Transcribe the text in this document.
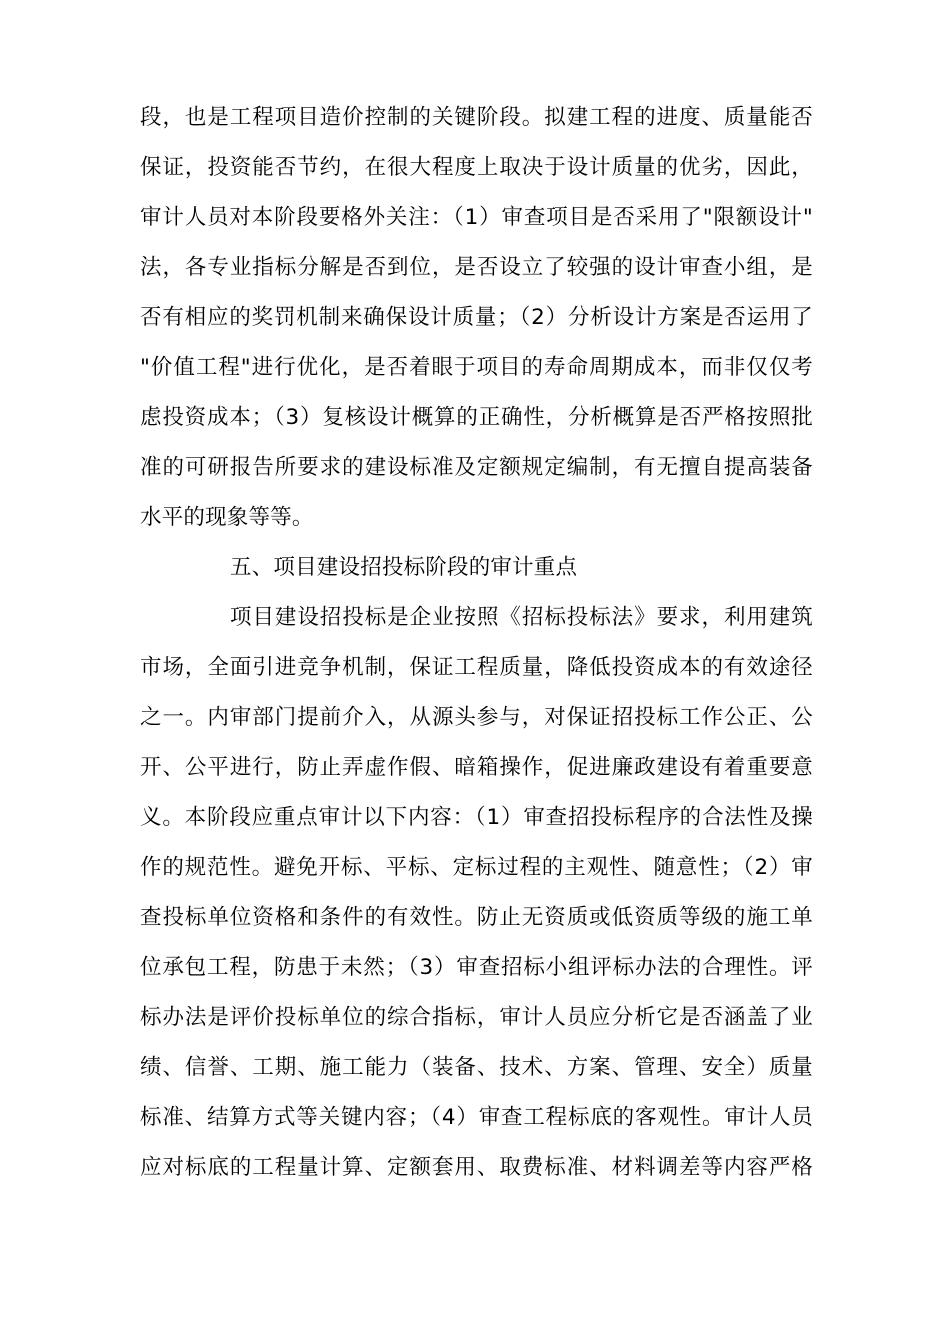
段，也是工程项目造价控制的关键阶段。拟建工程的进度、质量能否
保证，投资能否节约，在很大程度上取决于设计质量的优劣，因此，
审计人员对本阶段要格外关注：（1）审查项目是否采用了"限额设计"
法，各专业指标分解是否到位，是否设立了较强的设计审查小组，是
否有相应的奖罚机制来确保设计质量；（2）分析设计方案是否运用了
"价值工程"进行优化，是否着眼于项目的寿命周期成本，而非仅仅考
虑投资成本；（3）复核设计概算的正确性，分析概算是否严格按照批
准的可研报告所要求的建设标准及定额规定编制，有无擅自提高装备
水平的现象等等。
五、项目建设招投标阶段的审计重点
项目建设招投标是企业按照《招标投标法》要求，利用建筑
市场，全面引进竞争机制，保证工程质量，降低投资成本的有效途径
之一。内审部门提前介入，从源头参与，对保证招投标工作公正、公
开、公平进行，防止弄虚作假、暗箱操作，促进廉政建设有着重要意
义。本阶段应重点审计以下内容：（1）审查招投标程序的合法性及操
作的规范性。避免开标、平标、定标过程的主观性、随意性；（2）审
查投标单位资格和条件的有效性。防止无资质或低资质等级的施工单
位承包工程，防患于未然；（3）审查招标小组评标办法的合理性。评
标办法是评价投标单位的综合指标，审计人员应分析它是否涵盖了业
绩、信誉、工期、施工能力（装备、技术、方案、管理、安全）质量
标准、结算方式等关键内容；（4）审查工程标底的客观性。审计人员
应对标底的工程量计算、定额套用、取费标准、材料调差等内容严格
